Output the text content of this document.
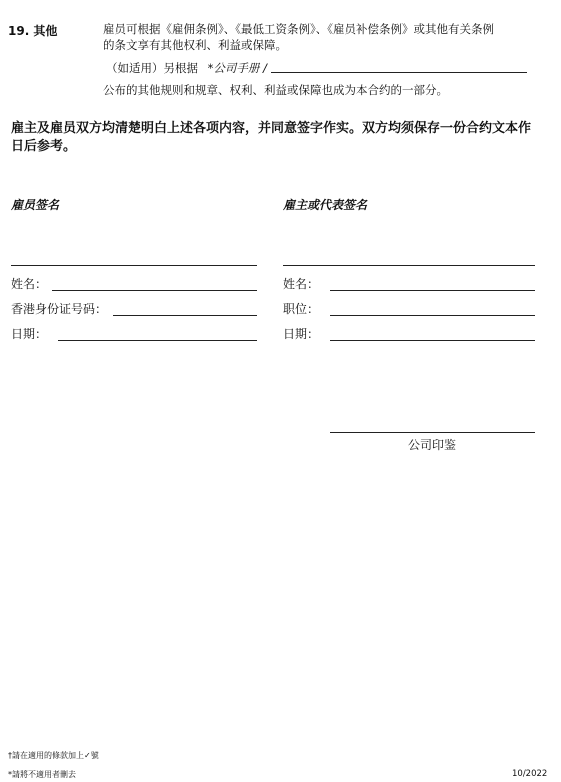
19. 其他	雇员可根据《雇佣条例》、《最低工资条例》、《雇员补偿条例》或其他有关条例
的条文享有其他权利、利益或保障。
（如适用）另根据 *公司手册 /
公布的其他规则和规章、权利、利益或保障也成为本合约的一部分。
雇主及雇员双方均清楚明白上述各项内容，并同意签字作实。双方均须保存一份合约文本作
日后参考。
雇员签名
姓名：
香港身份证号码：
日期：
雇主或代表签名
姓名：
职位：
日期：
公司印鉴
†請在適用的條款加上✓號
*請將不適用者刪去	10/2022
